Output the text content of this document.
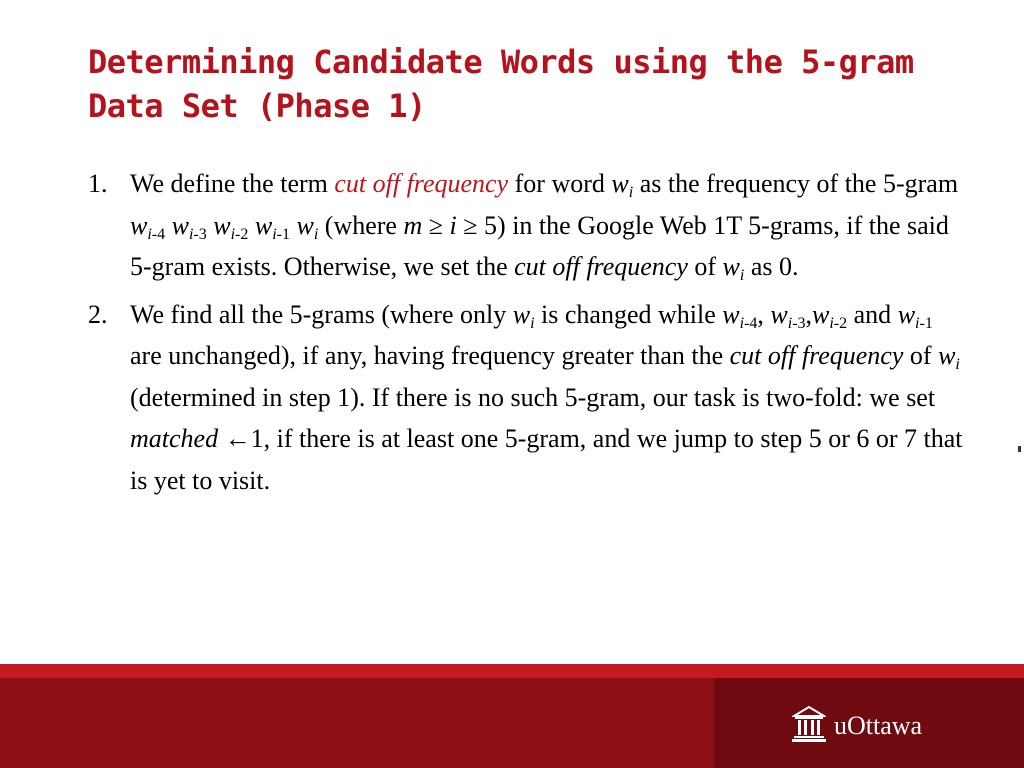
Determining Candidate Words using the 5-gram Data Set (Phase 1)
1. We define the term cut off frequency for word $w_i$ as the frequency of the 5-gram $w_{i-4}$ $w_{i-3}$ $w_{i-2}$ $w_{i-1}$ $w_i$ (where m ≥ i ≥ 5) in the Google Web 1T 5-grams, if the said 5-gram exists. Otherwise, we set the cut off frequency of $w_i$ as 0.
2. We find all the 5-grams (where only $w_i$ is changed while $w_{i-4}$, $w_{i-3},w_{i-2}$ and $w_{i-1}$ are unchanged), if any, having frequency greater than the cut off frequency of $w_i$ (determined in step 1). If there is no such 5-gram, our task is two-fold: we set matched ←1, if there is at least one 5-gram, and we jump to step 5 or 6 or 7 that is yet to visit.
uOttawa
